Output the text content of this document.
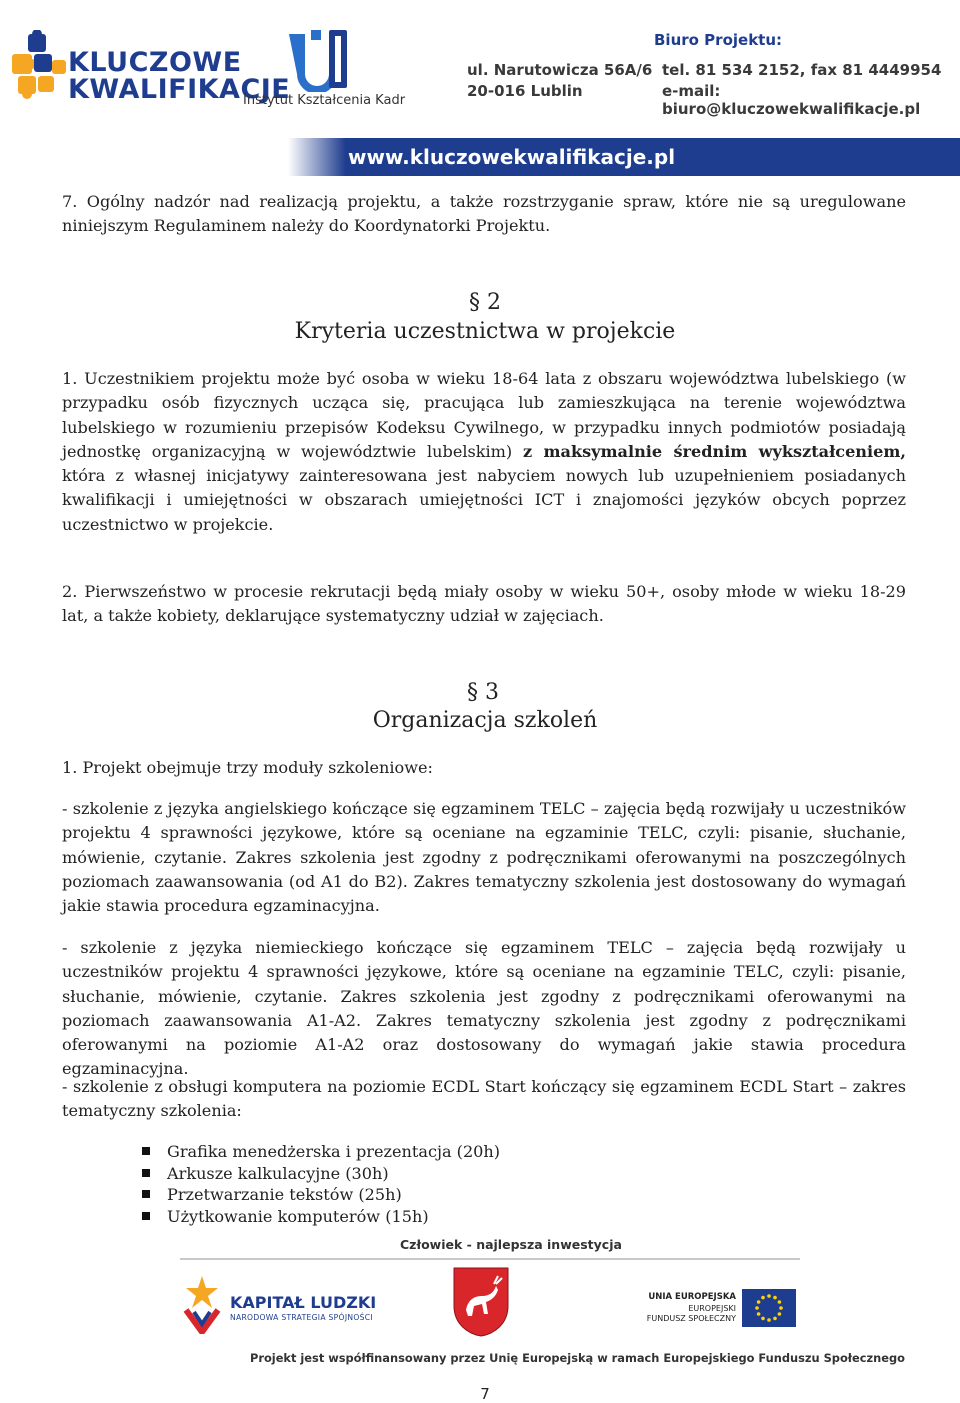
KLUCZOWE
KWALIFIKACJE
Instytut Kształcenia Kadr
Biuro Projektu:
ul. Narutowicza 56A/6
20-016 Lublin
tel. 81 534 2152, fax 81 4449954
e-mail: biuro@kluczowekwalifikacje.pl
www.kluczowekwalifikacje.pl

7. Ogólny nadzór nad realizacją projektu, a także rozstrzyganie spraw, które nie są uregulowane niniejszym Regulaminem należy do Koordynatorki Projektu.

§ 2
Kryteria uczestnictwa w projekcie

1. Uczestnikiem projektu może być osoba w wieku 18-64 lata z obszaru województwa lubelskiego (w przypadku osób fizycznych ucząca się, pracująca lub zamieszkująca na terenie województwa lubelskiego w rozumieniu przepisów Kodeksu Cywilnego, w przypadku innych podmiotów posiadają jednostkę organizacyjną w województwie lubelskim) z maksymalnie średnim wykształceniem, która z własnej inicjatywy zainteresowana jest nabyciem nowych lub uzupełnieniem posiadanych kwalifikacji i umiejętności w obszarach umiejętności ICT i znajomości języków obcych poprzez uczestnictwo w projekcie.

2. Pierwszeństwo w procesie rekrutacji będą miały osoby w wieku 50+, osoby młode w wieku 18-29 lat, a także kobiety, deklarujące systematyczny udział w zajęciach.

§ 3
Organizacja szkoleń

1. Projekt obejmuje trzy moduły szkoleniowe:

- szkolenie z języka angielskiego kończące się egzaminem TELC – zajęcia będą rozwijały u uczestników projektu 4 sprawności językowe, które są oceniane na egzaminie TELC, czyli: pisanie, słuchanie, mówienie, czytanie. Zakres szkolenia jest zgodny z podręcznikami oferowanymi na poszczególnych poziomach zaawansowania (od A1 do B2). Zakres tematyczny szkolenia jest dostosowany do wymagań jakie stawia procedura egzaminacyjna.

- szkolenie z języka niemieckiego kończące się egzaminem TELC – zajęcia będą rozwijały u uczestników projektu 4 sprawności językowe, które są oceniane na egzaminie TELC, czyli: pisanie, słuchanie, mówienie, czytanie. Zakres szkolenia jest zgodny z podręcznikami oferowanymi na poziomach zaawansowania A1-A2. Zakres tematyczny szkolenia jest zgodny z podręcznikami oferowanymi na poziomie A1-A2 oraz dostosowany do wymagań jakie stawia procedura egzaminacyjna.

- szkolenie z obsługi komputera na poziomie ECDL Start kończący się egzaminem ECDL Start – zakres tematyczny szkolenia:

Grafika menedżerska i prezentacja (20h)
Arkusze kalkulacyjne (30h)
Przetwarzanie tekstów (25h)
Użytkowanie komputerów (15h)
Człowiek - najlepsza inwestycja
KAPITAŁ LUDZKI
NARODOWA STRATEGIA SPÓJNOŚCI
UNIA EUROPEJSKA
EUROPEJSKI
FUNDUSZ SPOŁECZNY
Projekt jest współfinansowany przez Unię Europejską w ramach Europejskiego Funduszu Społecznego
7
